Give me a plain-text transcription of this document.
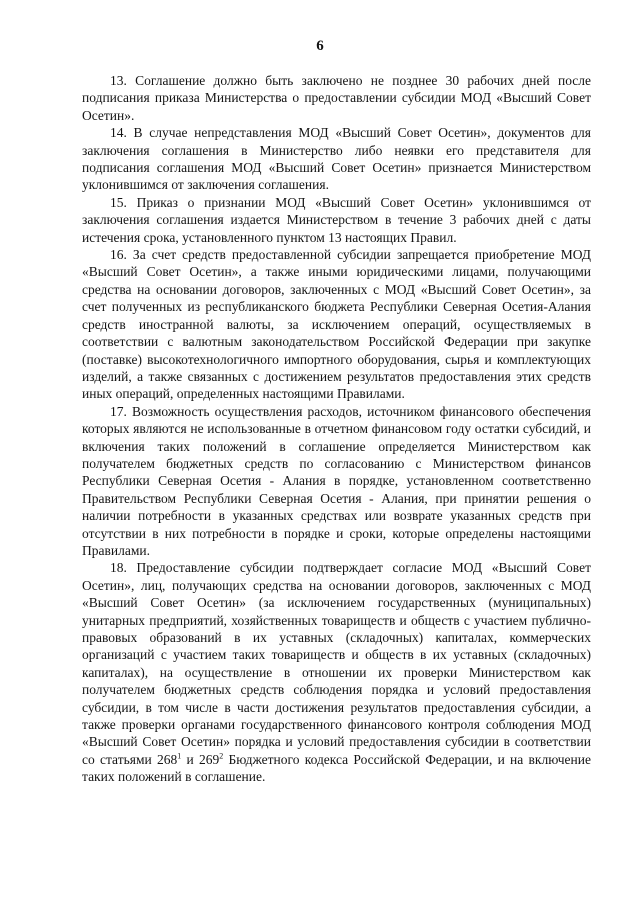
6

13. Соглашение должно быть заключено не позднее 30 рабочих дней после подписания приказа Министерства о предоставлении субсидии МОД «Высший Совет Осетин».

14. В случае непредставления МОД «Высший Совет Осетин», документов для заключения соглашения в Министерство либо неявки его представителя для подписания соглашения МОД «Высший Совет Осетин» признается Министерством уклонившимся от заключения соглашения.

15. Приказ о признании МОД «Высший Совет Осетин» уклонившимся от заключения соглашения издается Министерством в течение 3 рабочих дней с даты истечения срока, установленного пунктом 13 настоящих Правил.

16. За счет средств предоставленной субсидии запрещается приобретение МОД «Высший Совет Осетин», а также иными юридическими лицами, получающими средства на основании договоров, заключенных с МОД «Высший Совет Осетин», за счет полученных из республиканского бюджета Республики Северная Осетия-Алания средств иностранной валюты, за исключением операций, осуществляемых в соответствии с валютным законодательством Российской Федерации при закупке (поставке) высокотехнологичного импортного оборудования, сырья и комплектующих изделий, а также связанных с достижением результатов предоставления этих средств иных операций, определенных настоящими Правилами.

17. Возможность осуществления расходов, источником финансового обеспечения которых являются не использованные в отчетном финансовом году остатки субсидий, и включения таких положений в соглашение определяется Министерством как получателем бюджетных средств по согласованию с Министерством финансов Республики Северная Осетия - Алания в порядке, установленном соответственно Правительством Республики Северная Осетия - Алания, при принятии решения о наличии потребности в указанных средствах или возврате указанных средств при отсутствии в них потребности в порядке и сроки, которые определены настоящими Правилами.

18. Предоставление субсидии подтверждает согласие МОД «Высший Совет Осетин», лиц, получающих средства на основании договоров, заключенных с МОД «Высший Совет Осетин» (за исключением государственных (муниципальных) унитарных предприятий, хозяйственных товариществ и обществ с участием публично-правовых образований в их уставных (складочных) капиталах, коммерческих организаций с участием таких товариществ и обществ в их уставных (складочных) капиталах), на осуществление в отношении их проверки Министерством как получателем бюджетных средств соблюдения порядка и условий предоставления субсидии, в том числе в части достижения результатов предоставления субсидии, а также проверки органами государственного финансового контроля соблюдения МОД «Высший Совет Осетин» порядка и условий предоставления субсидии в соответствии со статьями $268^1$ и $269^2$ Бюджетного кодекса Российской Федерации, и на включение таких положений в соглашение.
